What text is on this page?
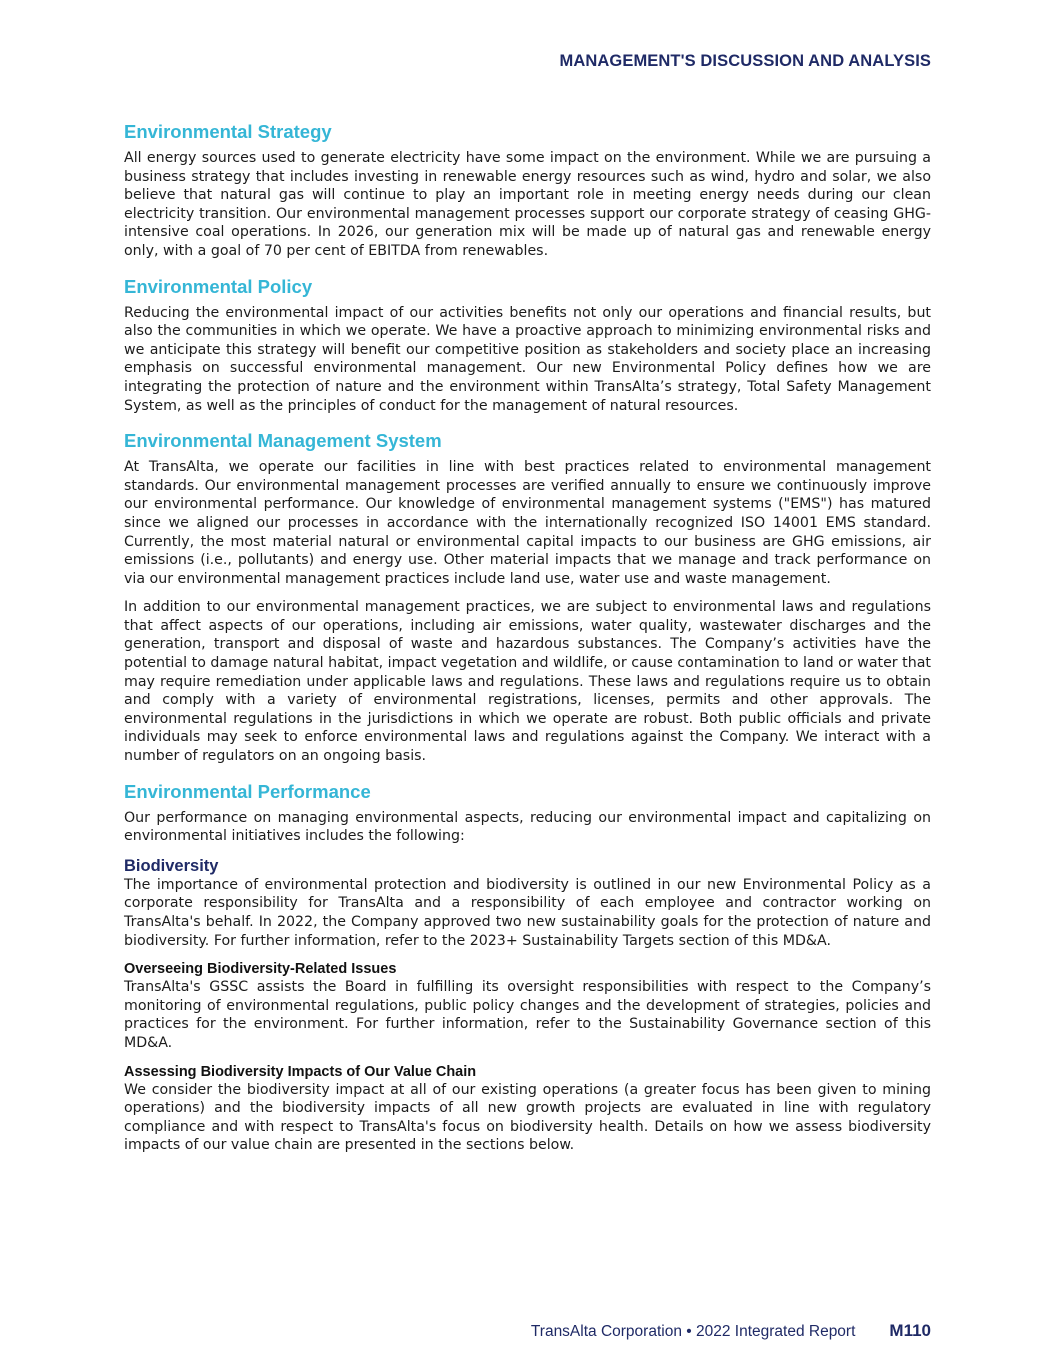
MANAGEMENT'S DISCUSSION AND ANALYSIS
Environmental Strategy

All energy sources used to generate electricity have some impact on the environment. While we are pursuing a business strategy that includes investing in renewable energy resources such as wind, hydro and solar, we also believe that natural gas will continue to play an important role in meeting energy needs during our clean electricity transition. Our environmental management processes support our corporate strategy of ceasing GHG-intensive coal operations. In 2026, our generation mix will be made up of natural gas and renewable energy only, with a goal of 70 per cent of EBITDA from renewables.

Environmental Policy

Reducing the environmental impact of our activities benefits not only our operations and financial results, but also the communities in which we operate. We have a proactive approach to minimizing environmental risks and we anticipate this strategy will benefit our competitive position as stakeholders and society place an increasing emphasis on successful environmental management. Our new Environmental Policy defines how we are integrating the protection of nature and the environment within TransAlta’s strategy, Total Safety Management System, as well as the principles of conduct for the management of natural resources.

Environmental Management System

At TransAlta, we operate our facilities in line with best practices related to environmental management standards. Our environmental management processes are verified annually to ensure we continuously improve our environmental performance. Our knowledge of environmental management systems ("EMS") has matured since we aligned our processes in accordance with the internationally recognized ISO 14001 EMS standard. Currently, the most material natural or environmental capital impacts to our business are GHG emissions, air emissions (i.e., pollutants) and energy use. Other material impacts that we manage and track performance on via our environmental management practices include land use, water use and waste management.

In addition to our environmental management practices, we are subject to environmental laws and regulations that affect aspects of our operations, including air emissions, water quality, wastewater discharges and the generation, transport and disposal of waste and hazardous substances. The Company’s activities have the potential to damage natural habitat, impact vegetation and wildlife, or cause contamination to land or water that may require remediation under applicable laws and regulations. These laws and regulations require us to obtain and comply with a variety of environmental registrations, licenses, permits and other approvals. The environmental regulations in the jurisdictions in which we operate are robust. Both public officials and private individuals may seek to enforce environmental laws and regulations against the Company. We interact with a number of regulators on an ongoing basis.

Environmental Performance

Our performance on managing environmental aspects, reducing our environmental impact and capitalizing on environmental initiatives includes the following:

Biodiversity

The importance of environmental protection and biodiversity is outlined in our new Environmental Policy as a corporate responsibility for TransAlta and a responsibility of each employee and contractor working on TransAlta's behalf. In 2022, the Company approved two new sustainability goals for the protection of nature and biodiversity. For further information, refer to the 2023+ Sustainability Targets section of this MD&A.

Overseeing Biodiversity-Related Issues

TransAlta's GSSC assists the Board in fulfilling its oversight responsibilities with respect to the Company’s monitoring of environmental regulations, public policy changes and the development of strategies, policies and practices for the environment. For further information, refer to the Sustainability Governance section of this MD&A.

Assessing Biodiversity Impacts of Our Value Chain

We consider the biodiversity impact at all of our existing operations (a greater focus has been given to mining operations) and the biodiversity impacts of all new growth projects are evaluated in line with regulatory compliance and with respect to TransAlta's focus on biodiversity health. Details on how we assess biodiversity impacts of our value chain are presented in the sections below.

TransAlta Corporation • 2022 Integrated Report M110
